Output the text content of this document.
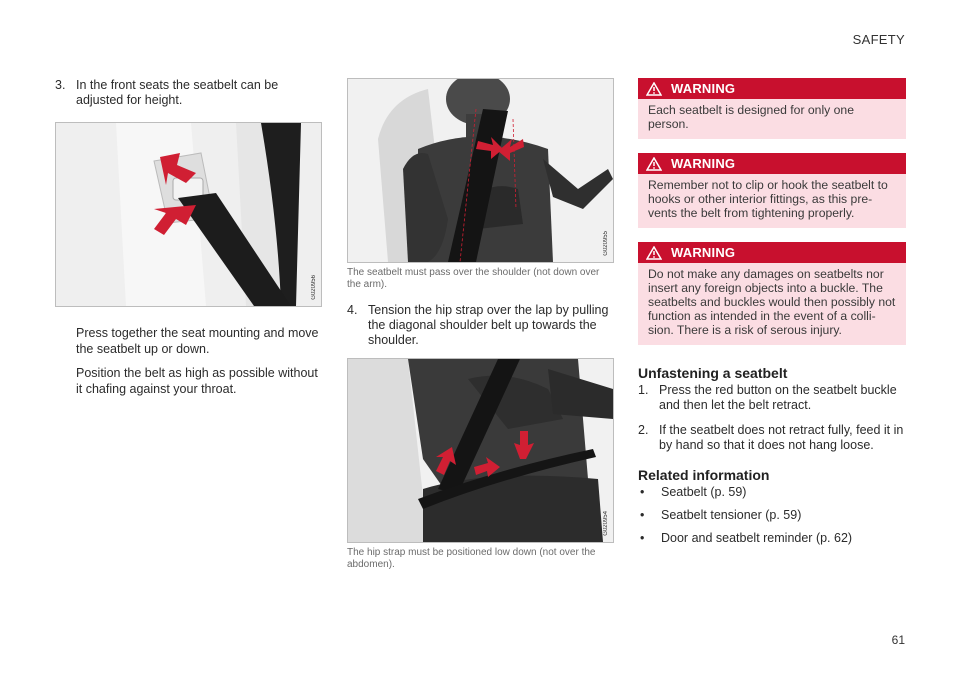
SAFETY
3. In the front seats the seatbelt can be adjusted for height.
G020956

Press together the seat mounting and move the seatbelt up or down.

Position the belt as high as possible without it chafing against your throat.

G020955
The seatbelt must pass over the shoulder (not down over the arm).
4. Tension the hip strap over the lap by pulling the diagonal shoulder belt up towards the shoulder.
G020954
The hip strap must be positioned low down (not over the abdomen).
WARNING
Each seatbelt is designed for only one person.
WARNING
Remember not to clip or hook the seatbelt to hooks or other interior fittings, as this pre-vents the belt from tightening properly.
WARNING
Do not make any damages on seatbelts nor insert any foreign objects into a buckle. The seatbelts and buckles would then possibly not function as intended in the event of a colli-sion. There is a risk of serous injury.
Unfastening a seatbelt
1. Press the red button on the seatbelt buckle and then let the belt retract.
2. If the seatbelt does not retract fully, feed it in by hand so that it does not hang loose.
Related information
•	Seatbelt (p. 59)
•	Seatbelt tensioner (p. 59)
•	Door and seatbelt reminder (p. 62)
61
